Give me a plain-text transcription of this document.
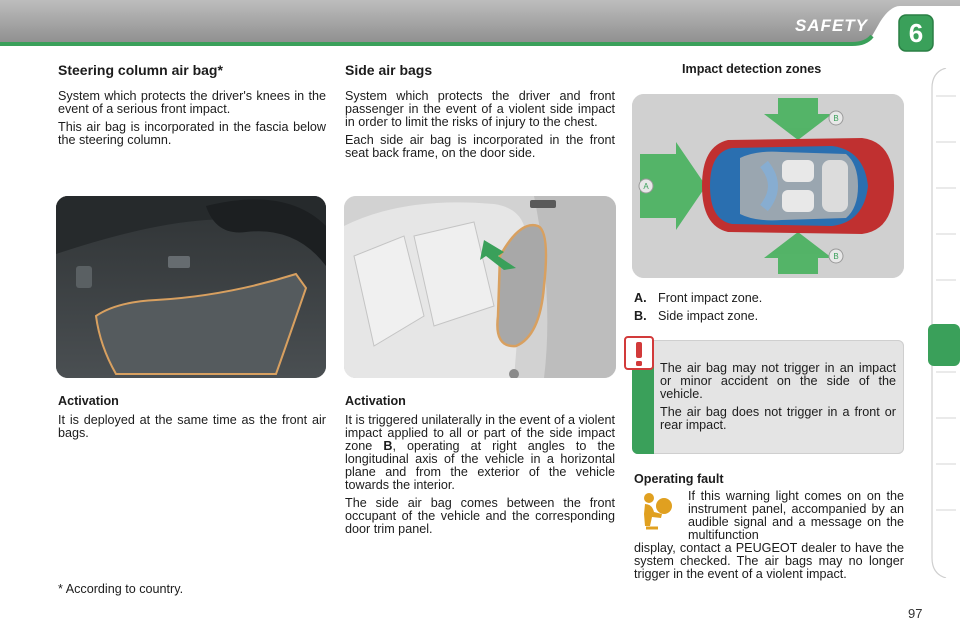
SAFETY	6
Steering column air bag*

System which protects the driver's knees in the event of a serious front impact.

This air bag is incorporated in the fascia below the steering column.

Activation

It is deployed at the same time as the front air bags.

* According to country.
Side air bags

System which protects the driver and front passenger in the event of a violent side impact in order to limit the risks of injury to the chest.

Each side air bag is incorporated in the front seat back frame, on the door side.

Activation

It is triggered unilaterally in the event of a violent impact applied to all or part of the side impact zone B, operating at right angles to the longitudinal axis of the vehicle in a horizontal plane and from the exterior of the vehicle towards the interior.

The side air bag comes between the front occupant of the vehicle and the corresponding door trim panel.

Impact detection zones
A
B
B
A. Front impact zone.
B. Side impact zone.

The air bag may not trigger in an impact or minor accident on the side of the vehicle.

The air bag does not trigger in a front or rear impact.

Operating fault

If this warning light comes on on the instrument panel, accompanied by an audible signal and a message on the multifunction

display, contact a PEUGEOT dealer to have the system checked. The air bags may no longer trigger in the event of a violent impact.

97
carmanualsonline.info
